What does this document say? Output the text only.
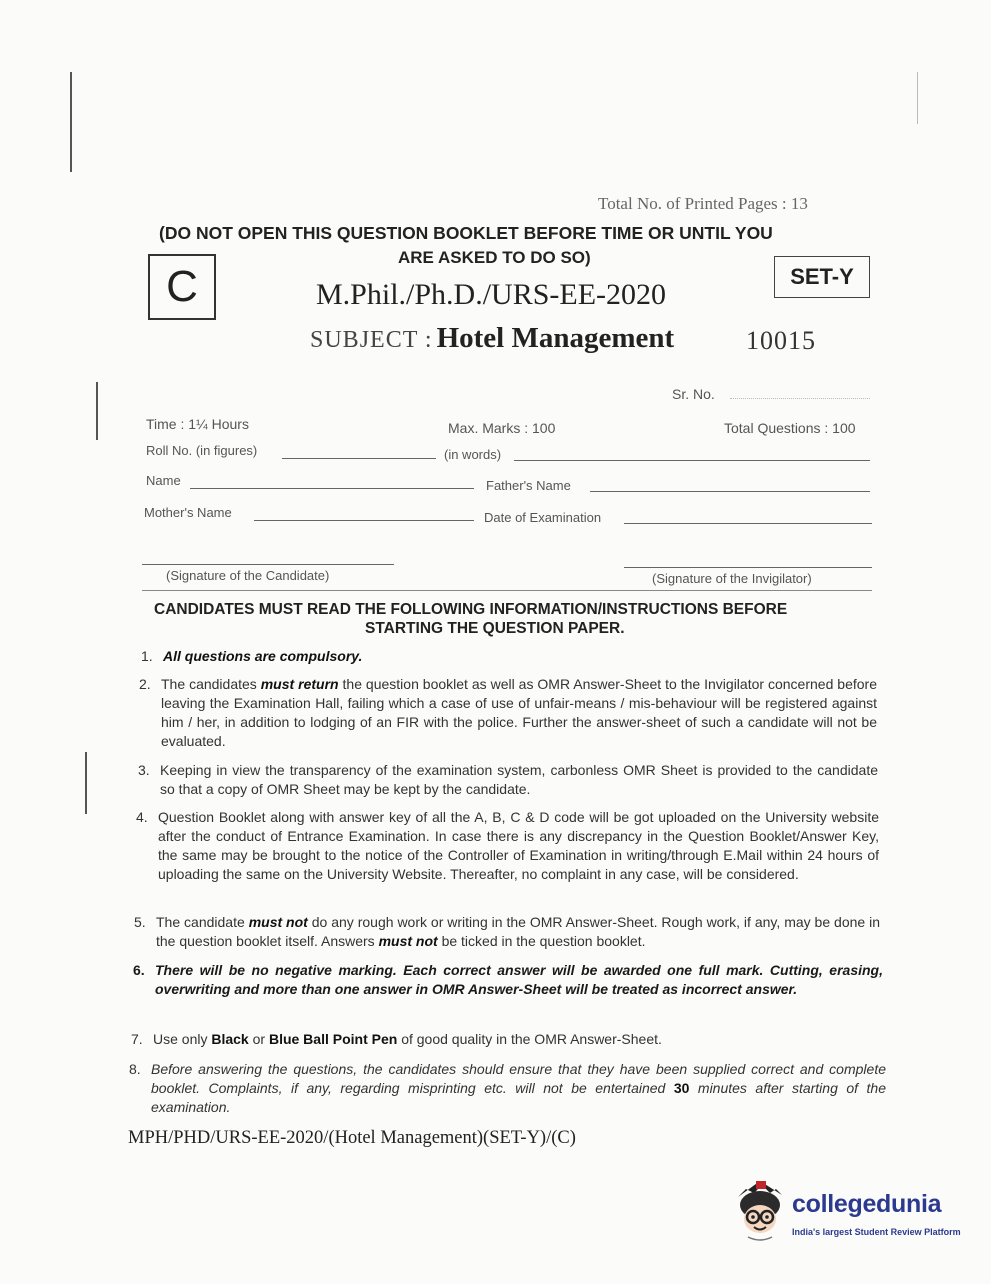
Total No. of Printed Pages : 13
(DO NOT OPEN THIS QUESTION BOOKLET BEFORE TIME OR UNTIL YOU
ARE ASKED TO DO SO)
C	SET-Y
M.Phil./Ph.D./URS-EE-2020
SUBJECT : Hotel Management	10015
Sr. No.
Time : 1¼ Hours	Max. Marks : 100	Total Questions : 100
Roll No. (in figures)	(in words)
Name	Father's Name
Mother's Name	Date of Examination
(Signature of the Candidate)	(Signature of the Invigilator)
CANDIDATES MUST READ THE FOLLOWING INFORMATION/INSTRUCTIONS BEFORE
STARTING THE QUESTION PAPER.
1. All questions are compulsory.
2. The candidates must return the question booklet as well as OMR Answer-Sheet to the Invigilator concerned before leaving the Examination Hall, failing which a case of use of unfair-means / mis-behaviour will be registered against him / her, in addition to lodging of an FIR with the police. Further the answer-sheet of such a candidate will not be evaluated.
3. Keeping in view the transparency of the examination system, carbonless OMR Sheet is provided to the candidate so that a copy of OMR Sheet may be kept by the candidate.
4. Question Booklet along with answer key of all the A, B, C & D code will be got uploaded on the University website after the conduct of Entrance Examination. In case there is any discrepancy in the Question Booklet/Answer Key, the same may be brought to the notice of the Controller of Examination in writing/through E.Mail within 24 hours of uploading the same on the University Website. Thereafter, no complaint in any case, will be considered.
5. The candidate must not do any rough work or writing in the OMR Answer-Sheet. Rough work, if any, may be done in the question booklet itself. Answers must not be ticked in the question booklet.
6. There will be no negative marking. Each correct answer will be awarded one full mark. Cutting, erasing, overwriting and more than one answer in OMR Answer-Sheet will be treated as incorrect answer.
7. Use only Black or Blue Ball Point Pen of good quality in the OMR Answer-Sheet.
8. Before answering the questions, the candidates should ensure that they have been supplied correct and complete booklet. Complaints, if any, regarding misprinting etc. will not be entertained 30 minutes after starting of the examination.
MPH/PHD/URS-EE-2020/(Hotel Management)(SET-Y)/(C)
collegedunia
India's largest Student Review Platform
